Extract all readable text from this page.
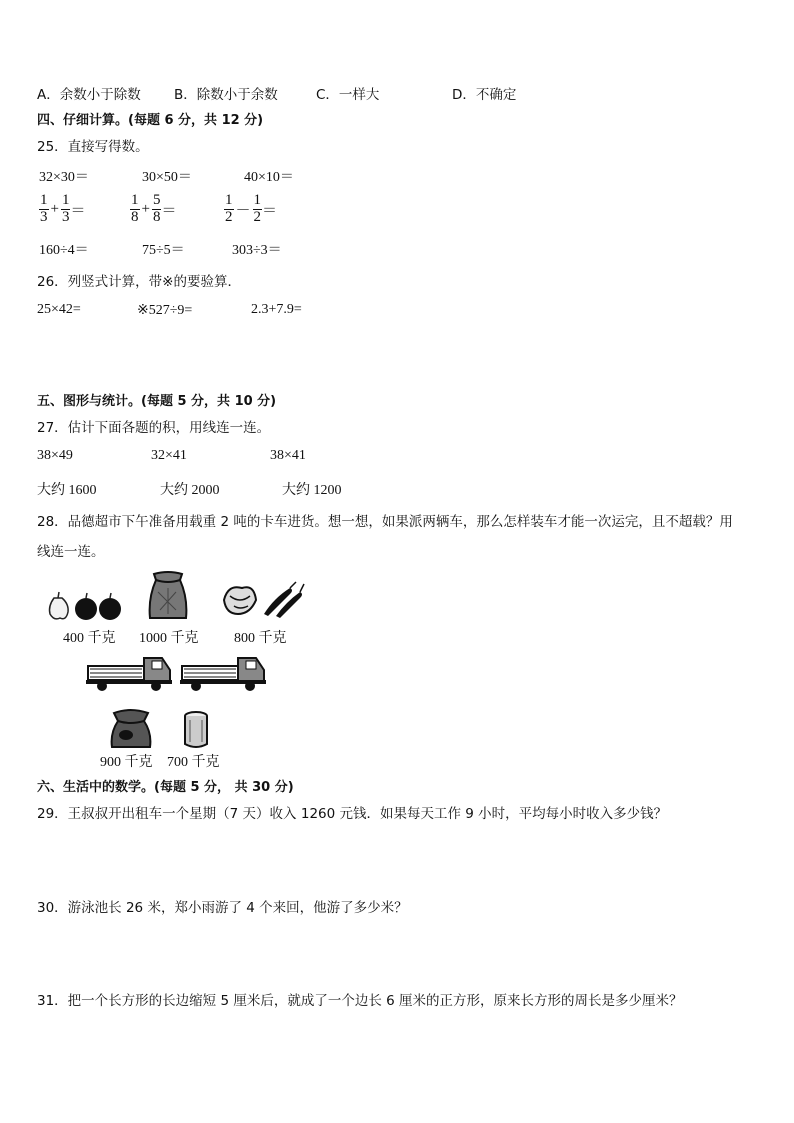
A．余数小于除数 B．除数小于余数	C．一样大	D．不确定
四、仔细计算。(每题 6 分，共 12 分)
25．直接写得数。
32×30＝	30×50＝	40×10＝
$\frac{1}{3} + \frac{1}{3}$ ＝	$\frac{1}{8} + \frac{5}{8}$ ＝	$\frac{1}{2} - \frac{1}{2}$ ＝
160÷4＝	75÷5＝	303÷3＝
26．列竖式计算，带※的要验算．
25×42=	※527÷9=	2.3+7.9=
五、图形与统计。(每题 5 分，共 10 分)
27．估计下面各题的积，用线连一连。
38×49	32×41	38×41
大约 1600	大约 2000	大约 1200
28．品德超市下午准备用载重 2 吨的卡车进货。想一想，如果派两辆车，那么怎样装车才能一次运完，且不超载？用
线连一连。
400 千克 1000 千克	800 千克
900 千克 700 千克
六、生活中的数学。(每题 5 分， 共 30 分)
29．王叔叔开出租车一个星期（7 天）收入 1260 元钱．如果每天工作 9 小时，平均每小时收入多少钱？
30．游泳池长 26 米，郑小雨游了 4 个来回，他游了多少米？
31．把一个长方形的长边缩短 5 厘米后，就成了一个边长 6 厘米的正方形，原来长方形的周长是多少厘米？
